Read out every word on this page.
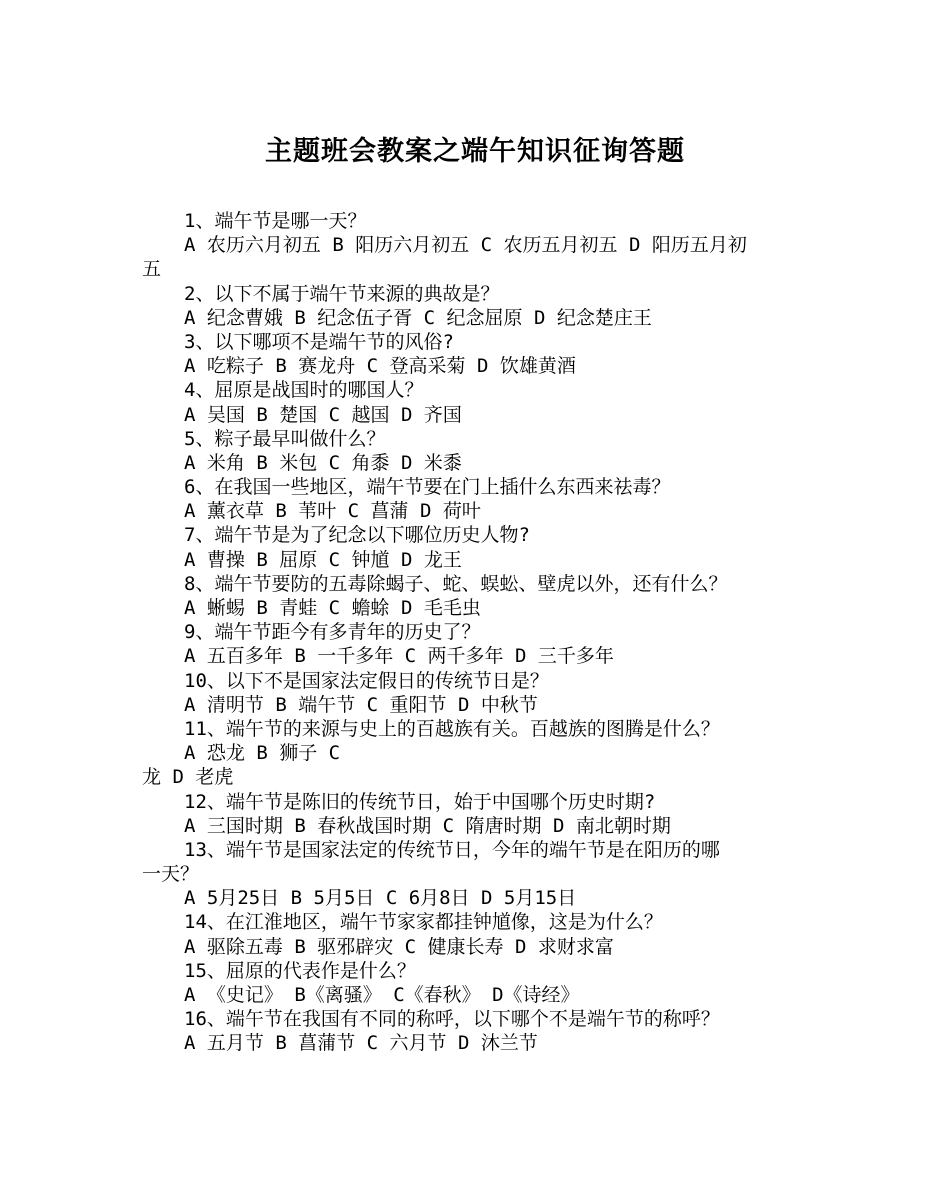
主题班会教案之端午知识征询答题
1、端午节是哪一天？
A 农历六月初五 B 阳历六月初五 C 农历五月初五 D 阳历五月初
五
2、以下不属于端午节来源的典故是？
A 纪念曹娥 B 纪念伍子胥 C 纪念屈原 D 纪念楚庄王
3、以下哪项不是端午节的风俗?
A 吃粽子 B 赛龙舟 C 登高采菊 D 饮雄黄酒
4、屈原是战国时的哪国人？
A 吴国 B 楚国 C 越国 D 齐国
5、粽子最早叫做什么？
A 米角 B 米包 C 角黍 D 米黍
6、在我国一些地区，端午节要在门上插什么东西来祛毒？
A 薰衣草 B 苇叶 C 菖蒲 D 荷叶
7、端午节是为了纪念以下哪位历史人物?
A 曹操 B 屈原 C 钟馗 D 龙王
8、端午节要防的五毒除蝎子、蛇、蜈蚣、壁虎以外，还有什么？
A 蜥蜴 B 青蛙 C 蟾蜍 D 毛毛虫
9、端午节距今有多青年的历史了？
A 五百多年 B 一千多年 C 两千多年 D 三千多年
10、以下不是国家法定假日的传统节日是？
A 清明节 B 端午节 C 重阳节 D 中秋节
11、端午节的来源与史上的百越族有关。百越族的图腾是什么？
A 恐龙 B 狮子 C
龙 D 老虎
12、端午节是陈旧的传统节日，始于中国哪个历史时期?
A 三国时期 B 春秋战国时期 C 隋唐时期 D 南北朝时期
13、端午节是国家法定的传统节日，今年的端午节是在阳历的哪
一天？
A 5月25日 B 5月5日 C 6月8日 D 5月15日
14、在江淮地区，端午节家家都挂钟馗像，这是为什么？
A 驱除五毒 B 驱邪辟灾 C 健康长寿 D 求财求富
15、屈原的代表作是什么？
A 《史记》 B《离骚》 C《春秋》 D《诗经》
16、端午节在我国有不同的称呼，以下哪个不是端午节的称呼？
A 五月节 B 菖蒲节 C 六月节 D 沐兰节
